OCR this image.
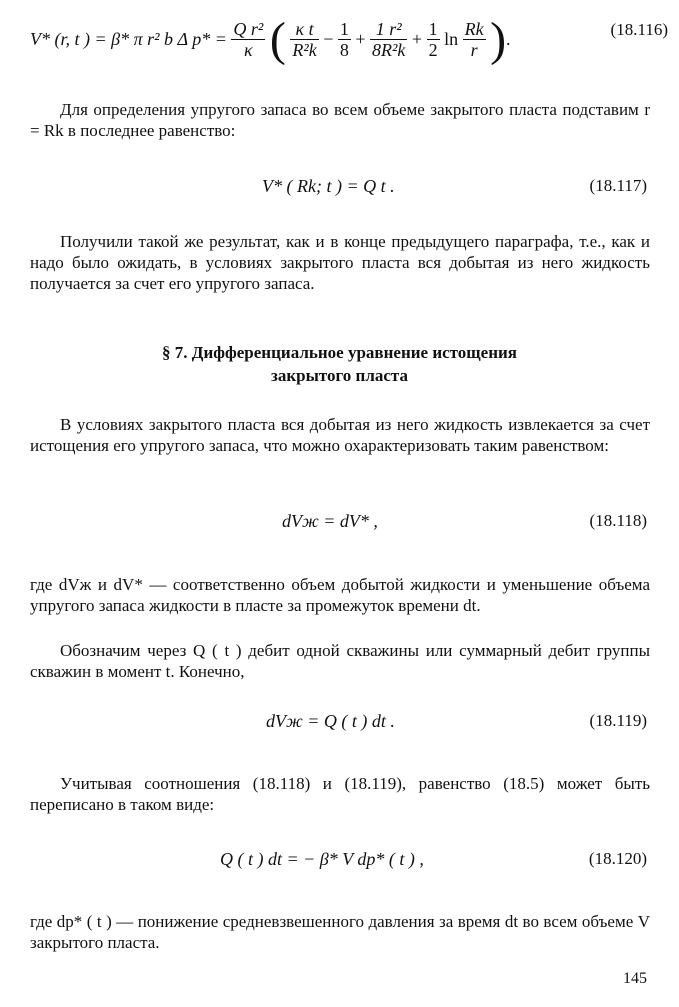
V* (r, t ) = β* π r² b Δ $p* = \frac{\text{Q r²}}{\kappa}$ ( $\frac{\text{κ t}}{\text{R²k}} - \frac{1}{8} + \frac{\text{1 r²}}{\text{8R²k}} + \frac{1}{2}$ $\ln \frac{Rk}{r}$ ).	(18.116)

Для определения упругого запаса во всем объеме закрытого пласта подставим r = Rk в последнее равенство:

V* ( Rk; t ) = Q t .	(18.117)

Получили такой же результат, как и в конце предыдущего параграфа, т.е., как и надо было ожидать, в условиях закрытого пласта вся добытая из него жидкость получается за счет его упругого запаса.

§ 7. Дифференциальное уравнение истощения
закрытого пласта

В условиях закрытого пласта вся добытая из него жидкость извлекается за счет истощения его упругого запаса, что можно охарактеризовать таким равенством:

dVж = dV* ,	(18.118)

где dVж и dV* — соответственно объем добытой жидкости и уменьшение объема упругого запаса жидкости в пласте за промежуток времени dt.

Обозначим через Q ( t ) дебит одной скважины или суммарный дебит группы скважин в момент t. Конечно,

dVж = Q ( t ) dt .	(18.119)

Учитывая соотношения (18.118) и (18.119), равенство (18.5) может быть переписано в таком виде:

Q ( t ) dt = − β* V dp* ( t ) ,	(18.120)

где dp* ( t ) — понижение средневзвешенного давления за время dt во всем объеме V закрытого пласта.

145
